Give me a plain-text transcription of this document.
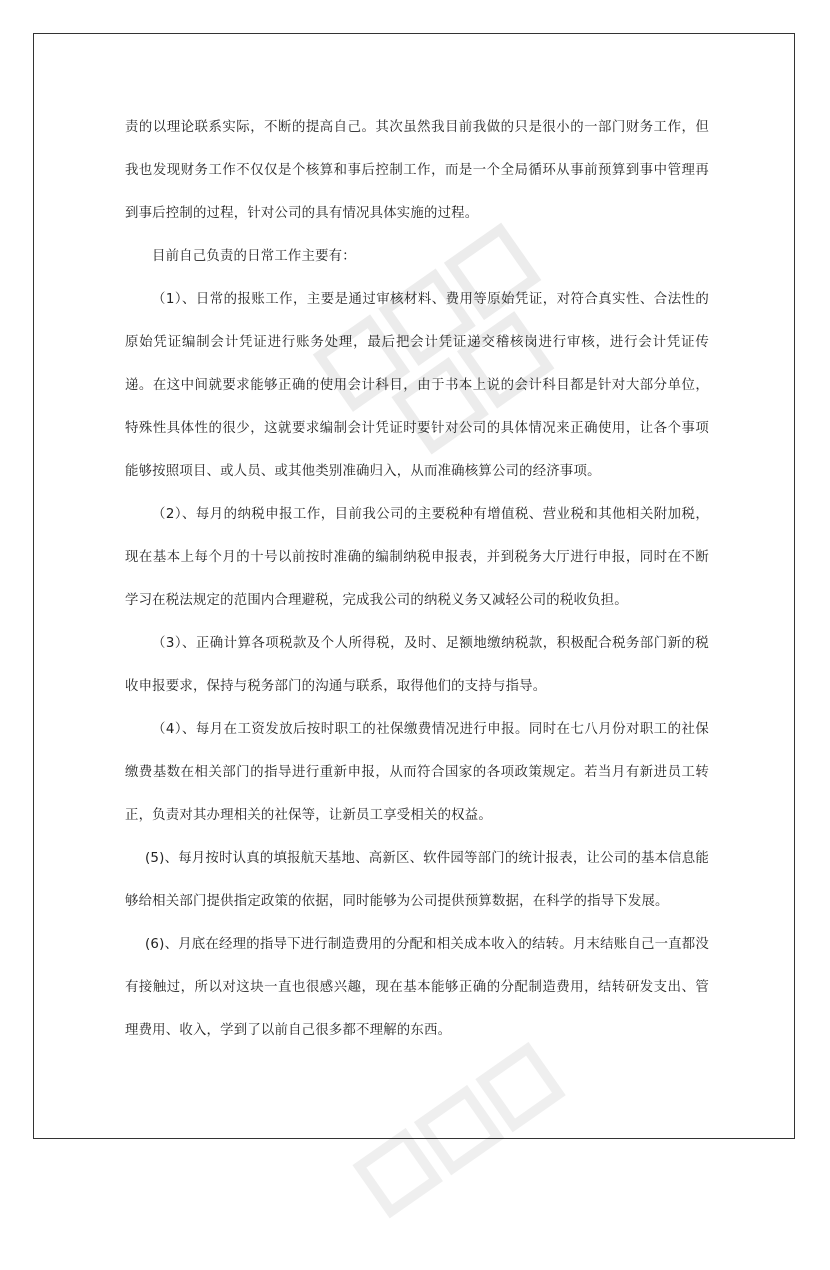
责的以理论联系实际，不断的提高自己。其次虽然我目前我做的只是很小的一部门财务工作，但我也发现财务工作不仅仅是个核算和事后控制工作，而是一个全局循环从事前预算到事中管理再到事后控制的过程，针对公司的具有情况具体实施的过程。

目前自己负责的日常工作主要有：

（1）、日常的报账工作，主要是通过审核材料、费用等原始凭证，对符合真实性、合法性的原始凭证编制会计凭证进行账务处理，最后把会计凭证递交稽核岗进行审核，进行会计凭证传递。在这中间就要求能够正确的使用会计科目，由于书本上说的会计科目都是针对大部分单位，特殊性具体性的很少，这就要求编制会计凭证时要针对公司的具体情况来正确使用，让各个事项能够按照项目、或人员、或其他类别准确归入，从而准确核算公司的经济事项。

（2）、每月的纳税申报工作，目前我公司的主要税种有增值税、营业税和其他相关附加税，现在基本上每个月的十号以前按时准确的编制纳税申报表，并到税务大厅进行申报，同时在不断学习在税法规定的范围内合理避税，完成我公司的纳税义务又减轻公司的税收负担。

（3）、正确计算各项税款及个人所得税，及时、足额地缴纳税款，积极配合税务部门新的税收申报要求，保持与税务部门的沟通与联系，取得他们的支持与指导。

（4）、每月在工资发放后按时职工的社保缴费情况进行申报。同时在七八月份对职工的社保缴费基数在相关部门的指导进行重新申报，从而符合国家的各项政策规定。若当月有新进员工转正，负责对其办理相关的社保等，让新员工享受相关的权益。

(5)、每月按时认真的填报航天基地、高新区、软件园等部门的统计报表，让公司的基本信息能够给相关部门提供指定政策的依据，同时能够为公司提供预算数据，在科学的指导下发展。

(6)、月底在经理的指导下进行制造费用的分配和相关成本收入的结转。月末结账自己一直都没有接触过，所以对这块一直也很感兴趣，现在基本能够正确的分配制造费用，结转研发支出、管理费用、收入，学到了以前自己很多都不理解的东西。
